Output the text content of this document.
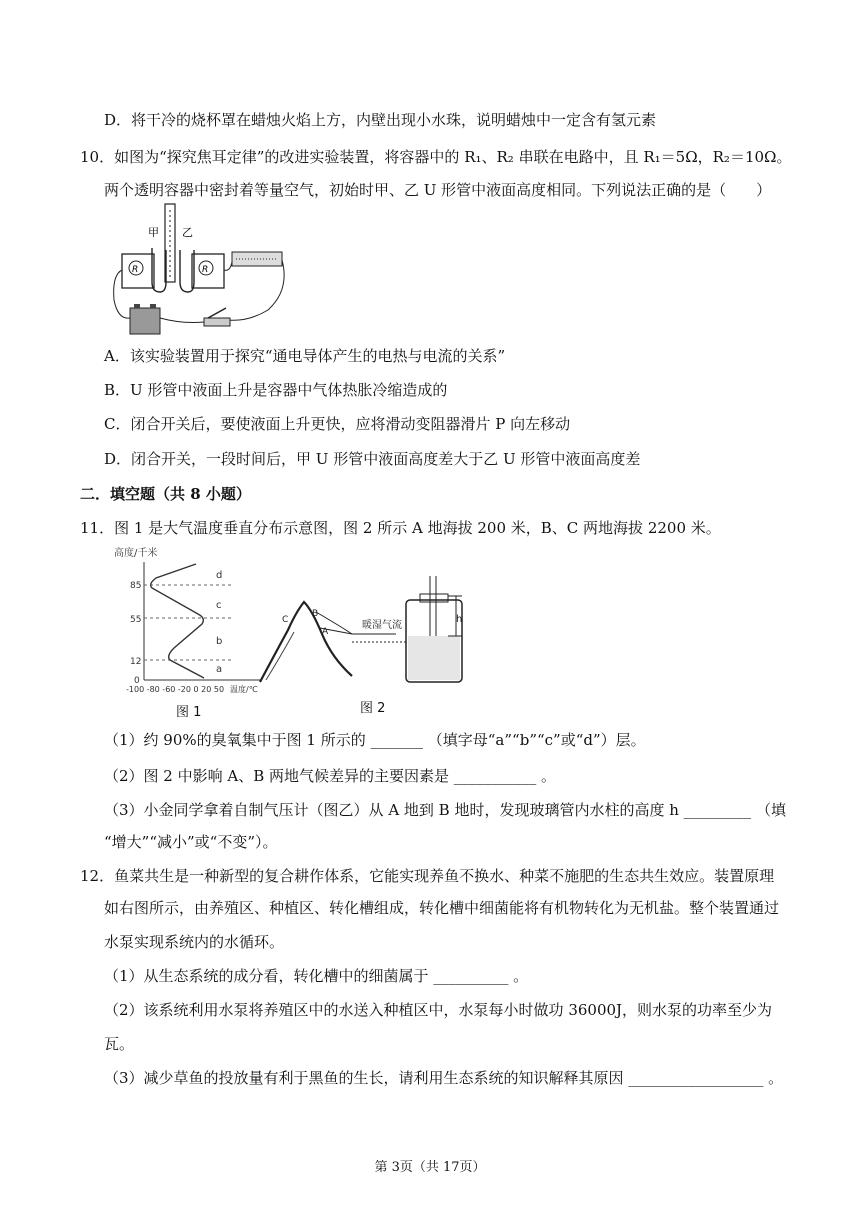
D．将干冷的烧杯罩在蜡烛火焰上方，内壁出现小水珠，说明蜡烛中一定含有氢元素
10．如图为“探究焦耳定律”的改进实验装置，将容器中的 R₁、R₂ 串联在电路中，且 R₁＝5Ω，R₂＝10Ω。
两个透明容器中密封着等量空气，初始时甲、乙 U 形管中液面高度相同。下列说法正确的是（　　）
甲 乙
R	R
A．该实验装置用于探究“通电导体产生的电热与电流的关系”
B．U 形管中液面上升是容器中气体热胀冷缩造成的
C．闭合开关后，要使液面上升更快，应将滑动变阻器滑片 P 向左移动
D．闭合开关，一段时间后，甲 U 形管中液面高度差大于乙 U 形管中液面高度差
二．填空题（共 8 小题）
11．图 1 是大气温度垂直分布示意图，图 2 所示 A 地海拔 200 米，B、C 两地海拔 2200 米。
高度/千米
85
55
12
0
a
b
c
d
-100 -80 -60 -20 0 20 50 温度/℃
图 1
C
B
A
暖湿气流
h
图 2
（1）约 90%的臭氧集中于图 1 所示的 _______ （填字母“a”“b”“c”或“d”）层。
（2）图 2 中影响 A、B 两地气候差异的主要因素是 ___________ 。
（3）小金同学拿着自制气压计（图乙）从 A 地到 B 地时，发现玻璃管内水柱的高度 h _________ （填
“增大”“减小”或“不变”）。
12．鱼菜共生是一种新型的复合耕作体系，它能实现养鱼不换水、种菜不施肥的生态共生效应。装置原理
如右图所示，由养殖区、种植区、转化槽组成，转化槽中细菌能将有机物转化为无机盐。整个装置通过
水泵实现系统内的水循环。
（1）从生态系统的成分看，转化槽中的细菌属于 __________ 。
（2）该系统利用水泵将养殖区中的水送入种植区中，水泵每小时做功 36000J，则水泵的功率至少为
瓦。
（3）减少草鱼的投放量有利于黑鱼的生长，请利用生态系统的知识解释其原因 __________________ 。
第 3页（共 17页）
